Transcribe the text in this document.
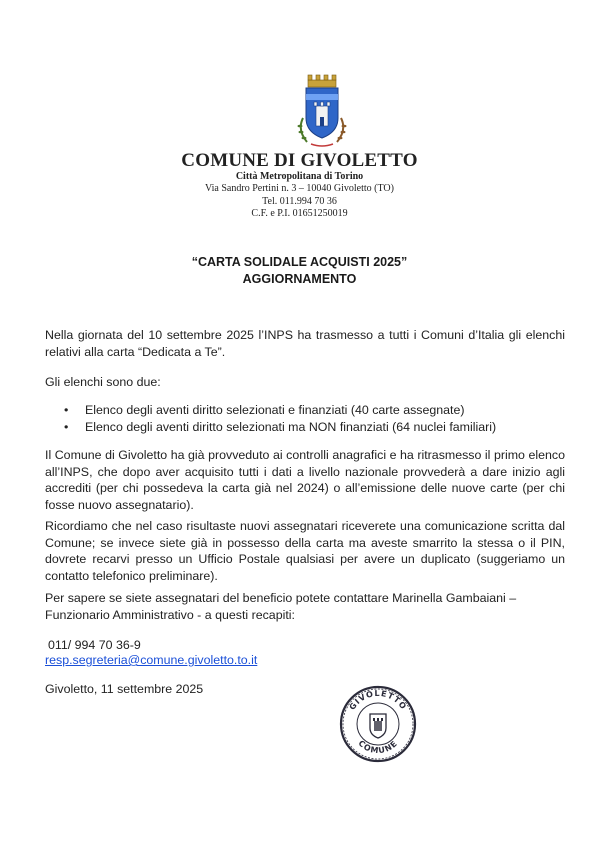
COMUNE DI GIVOLETTO
Città Metropolitana di Torino
Via Sandro Pertini n. 3 – 10040 Givoletto (TO)
Tel. 011.994 70 36
C.F. e P.I. 01651250019
“CARTA SOLIDALE ACQUISTI 2025”
AGGIORNAMENTO

Nella giornata del 10 settembre 2025 l’INPS ha trasmesso a tutti i Comuni d’Italia gli elenchi relativi alla carta “Dedicata a Te”.

Gli elenchi sono due:

• Elenco degli aventi diritto selezionati e finanziati (40 carte assegnate)
• Elenco degli aventi diritto selezionati ma NON finanziati (64 nuclei familiari)

Il Comune di Givoletto ha già provveduto ai controlli anagrafici e ha ritrasmesso il primo elenco all’INPS, che dopo aver acquisito tutti i dati a livello nazionale provvederà a dare inizio agli accrediti (per chi possedeva la carta già nel 2024) o all’emissione delle nuove carte (per chi fosse nuovo assegnatario).

Ricordiamo che nel caso risultaste nuovi assegnatari riceverete una comunicazione scritta dal Comune; se invece siete già in possesso della carta ma aveste smarrito la stessa o il PIN, dovrete recarvi presso un Ufficio Postale qualsiasi per avere un duplicato (suggeriamo un contatto telefonico preliminare).

Per sapere se siete assegnatari del beneficio potete contattare Marinella Gambaiani – Funzionario Amministrativo - a questi recapiti:

011/ 994 70 36-9
resp.segreteria@comune.givoletto.to.it
Givoletto, 11 settembre 2025
GIVOLETTO
COMUNE
